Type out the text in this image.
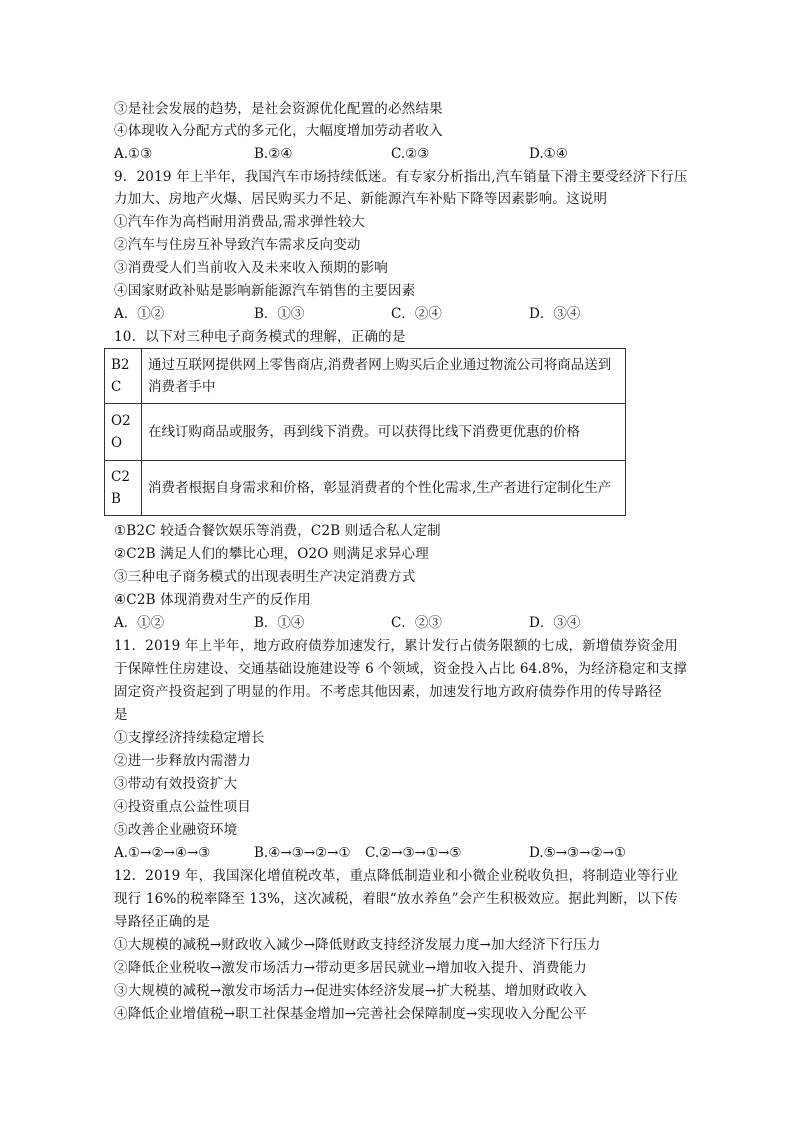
③是社会发展的趋势，是社会资源优化配置的必然结果
④体现收入分配方式的多元化，大幅度增加劳动者收入
A.①③	B.②④	C.②③	D.①④
9．2019 年上半年，我国汽车市场持续低迷。有专家分析指出,汽车销量下滑主要受经济下行压
力加大、房地产火爆、居民购买力不足、新能源汽车补贴下降等因素影响。这说明
①汽车作为高档耐用消费品,需求弹性较大
②汽车与住房互补导致汽车需求反向变动
③消费受人们当前收入及未来收入预期的影响
④国家财政补贴是影响新能源汽车销售的主要因素
A．①②	B．①③	C．②④	D．③④
10．以下对三种电子商务模式的理解，正确的是
B2C	通过互联网提供网上零售商店,消费者网上购买后企业通过物流公司将商品送到消费者手中
O2O	在线订购商品或服务，再到线下消费。可以获得比线下消费更优惠的价格
C2B	消费者根据自身需求和价格，彰显消费者的个性化需求,生产者进行定制化生产
①B2C 较适合餐饮娱乐等消费，C2B 则适合私人定制
②C2B 满足人们的攀比心理，O2O 则满足求异心理
③三种电子商务模式的出现表明生产决定消费方式
④C2B 体现消费对生产的反作用
A．①②	B．①④	C．②③	D．③④
11．2019 年上半年，地方政府债券加速发行，累计发行占债务限额的七成，新增债券资金用
于保障性住房建设、交通基础设施建设等 6 个领域，资金投入占比 64.8%，为经济稳定和支撑
固定资产投资起到了明显的作用。不考虑其他因素，加速发行地方政府债券作用的传导路径
是
①支撑经济持续稳定增长
②进一步释放内需潜力
③带动有效投资扩大
④投资重点公益性项目
⑤改善企业融资环境
A.①→②→④→③	B.④→③→②→① C.②→③→①→⑤	D.⑤→③→②→①
12．2019 年，我国深化增值税改革，重点降低制造业和小微企业税收负担，将制造业等行业
现行 16%的税率降至 13%，这次减税，着眼“放水养鱼”会产生积极效应。据此判断，以下传
导路径正确的是
①大规模的减税→财政收入减少→降低财政支持经济发展力度→加大经济下行压力
②降低企业税收→激发市场活力→带动更多居民就业→增加收入提升、消费能力
③大规模的减税→激发市场活力→促进实体经济发展→扩大税基、增加财政收入
④降低企业增值税→职工社保基金增加→完善社会保障制度→实现收入分配公平
